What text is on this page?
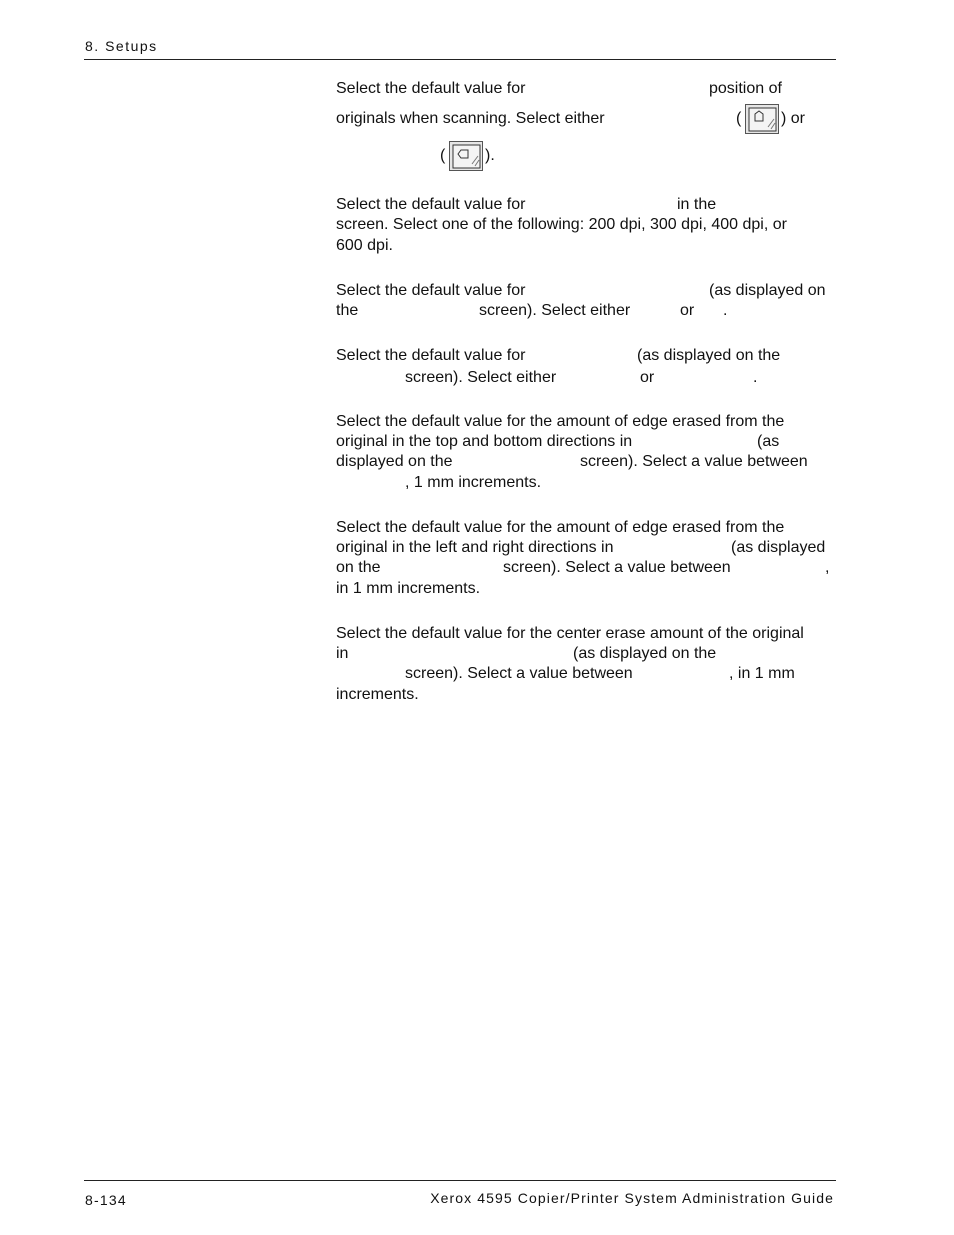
8. Setups
Select the default value for	position of
originals when scanning. Select either	( ) or
( ).
Select the default value for	in the
screen. Select one of the following: 200 dpi, 300 dpi, 400 dpi, or
600 dpi.
Select the default value for	(as displayed on
the	screen). Select either	or .
Select the default value for	(as displayed on the
screen). Select either	or	.
Select the default value for the amount of edge erased from the
original in the top and bottom directions in	(as
displayed on the	screen). Select a value between
, 1 mm increments.
Select the default value for the amount of edge erased from the
original in the left and right directions in	(as displayed
on the	screen). Select a value between	,
in 1 mm increments.
Select the default value for the center erase amount of the original
in	(as displayed on the
screen). Select a value between	, in 1 mm
increments.
8-134	Xerox 4595 Copier/Printer System Administration Guide
